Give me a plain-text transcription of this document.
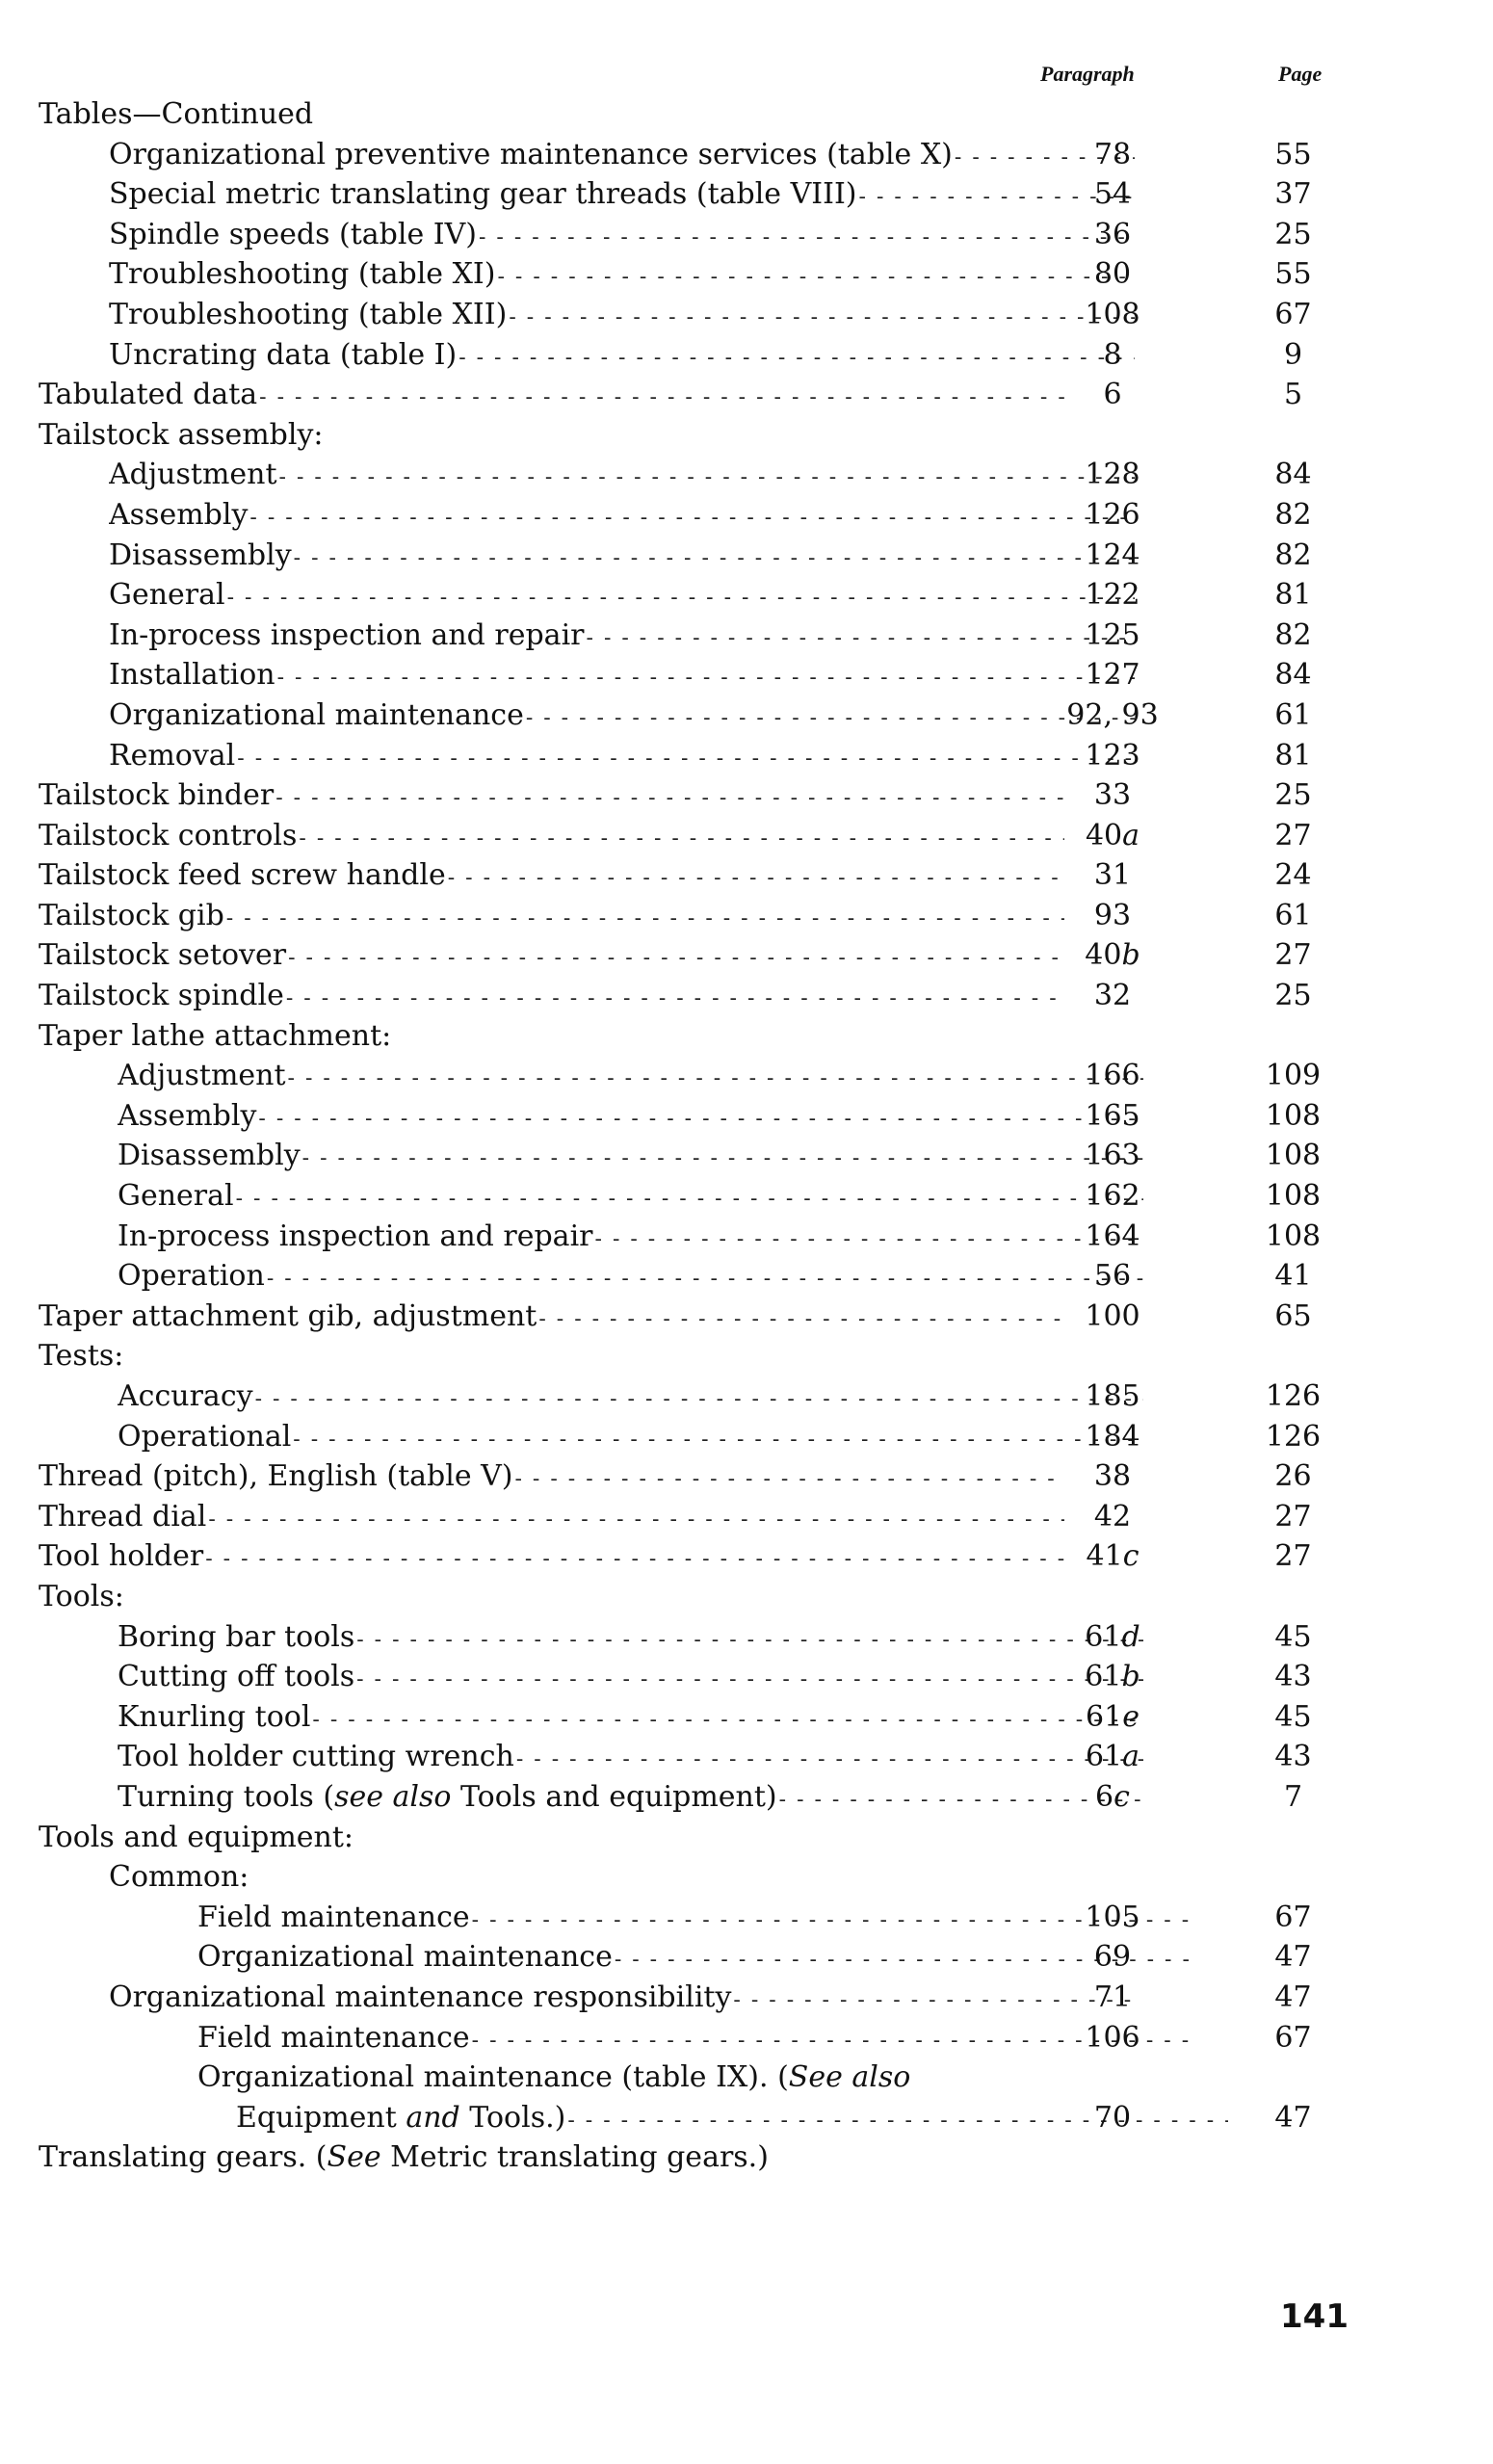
Paragraph	Page
Tables—Continued
Organizational preventive maintenance services (table X) - - -	78	55
Special metric translating gear threads (table VIII) - - -	54	37
Spindle speeds (table IV) - - -	36	25
Troubleshooting (table XI) - - -	80	55
Troubleshooting (table XII) - - -	108	67
Uncrating data (table I) - - -	8	9
Tabulated data - - -	6	5
Tailstock assembly:
Adjustment - - -	128	84
Assembly - - -	126	82
Disassembly - - -	124	82
General - - -	122	81
In-process inspection and repair - - -	125	82
Installation - - -	127	84
Organizational maintenance - - -	92, 93	61
Removal - - -	123	81
Tailstock binder - - -	33	25
Tailstock controls - - -	40a	27
Tailstock feed screw handle - - -	31	24
Tailstock gib - - -	93	61
Tailstock setover - - -	40b	27
Tailstock spindle - - -	32	25
Taper lathe attachment:
Adjustment - - -	166	109
Assembly - - -	165	108
Disassembly - - -	163	108
General - - -	162	108
In-process inspection and repair - - -	164	108
Operation - - -	56	41
Taper attachment gib, adjustment - - -	100	65
Tests:
Accuracy - - -	185	126
Operational - - -	184	126
Thread (pitch), English (table V) - - -	38	26
Thread dial - - -	42	27
Tool holder - - -	41c	27
Tools:
Boring bar tools - - -	61d	45
Cutting off tools - - -	61b	43
Knurling tool - - -	61e	45
Tool holder cutting wrench - - -	61a	43
Turning tools (see also Tools and equipment) - - -	6c	7
Tools and equipment:
Common:
Field maintenance - - -	105	67
Organizational maintenance - - -	69	47
Organizational maintenance responsibility - - -	71	47
Field maintenance - - -	106	67
Organizational maintenance (table IX). (See also
Equipment and Tools.) - - -	70	47
Translating gears. (See Metric translating gears.)
141
